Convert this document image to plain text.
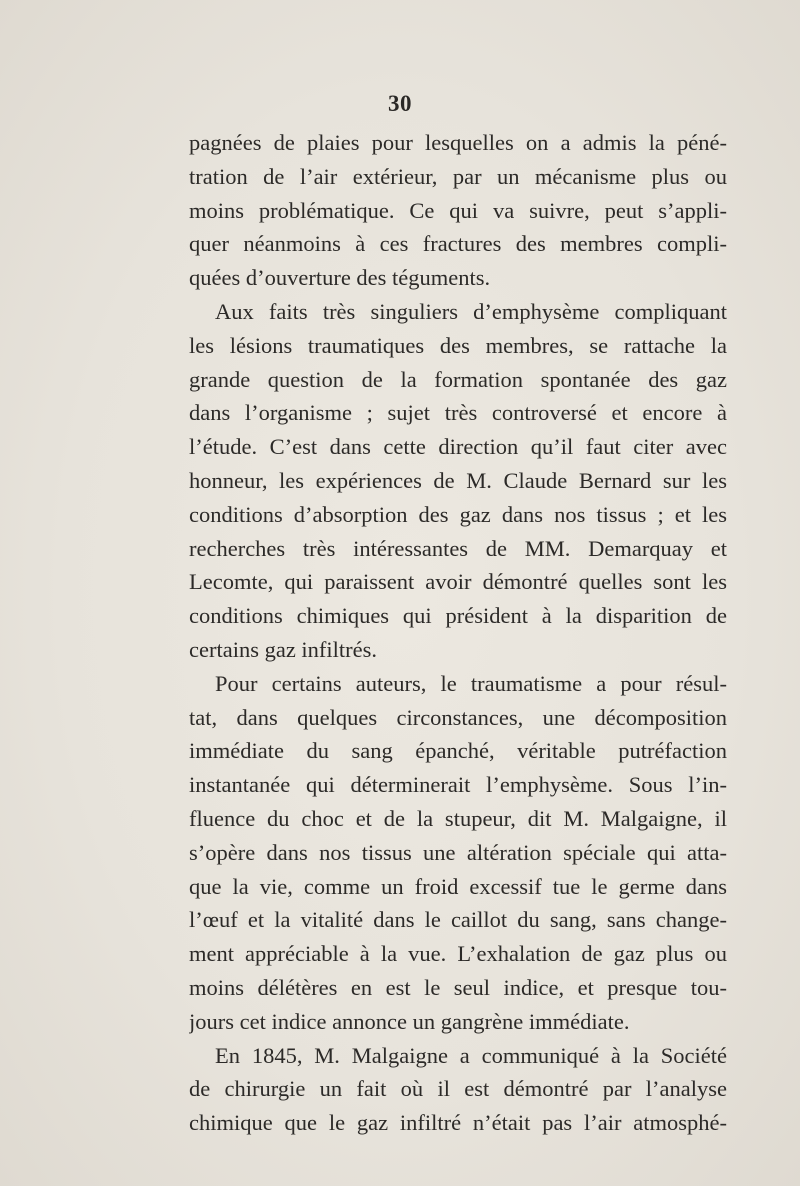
30
pagnées de plaies pour lesquelles on a admis la péné-
tration de l’air extérieur, par un mécanisme plus ou
moins problématique. Ce qui va suivre, peut s’appli-
quer néanmoins à ces fractures des membres compli-
quées d’ouverture des téguments.
Aux faits très singuliers d’emphysème compliquant
les lésions traumatiques des membres, se rattache la
grande question de la formation spontanée des gaz
dans l’organisme ; sujet très controversé et encore à
l’étude. C’est dans cette direction qu’il faut citer avec
honneur, les expériences de M. Claude Bernard sur les
conditions d’absorption des gaz dans nos tissus ; et les
recherches très intéressantes de MM. Demarquay et
Lecomte, qui paraissent avoir démontré quelles sont les
conditions chimiques qui président à la disparition de
certains gaz infiltrés.
Pour certains auteurs, le traumatisme a pour résul-
tat, dans quelques circonstances, une décomposition
immédiate du sang épanché, véritable putréfaction
instantanée qui déterminerait l’emphysème. Sous l’in-
fluence du choc et de la stupeur, dit M. Malgaigne, il
s’opère dans nos tissus une altération spéciale qui atta-
que la vie, comme un froid excessif tue le germe dans
l’œuf et la vitalité dans le caillot du sang, sans change-
ment appréciable à la vue. L’exhalation de gaz plus ou
moins délétères en est le seul indice, et presque tou-
jours cet indice annonce un gangrène immédiate.
En 1845, M. Malgaigne a communiqué à la Société
de chirurgie un fait où il est démontré par l’analyse
chimique que le gaz infiltré n’était pas l’air atmosphé-
